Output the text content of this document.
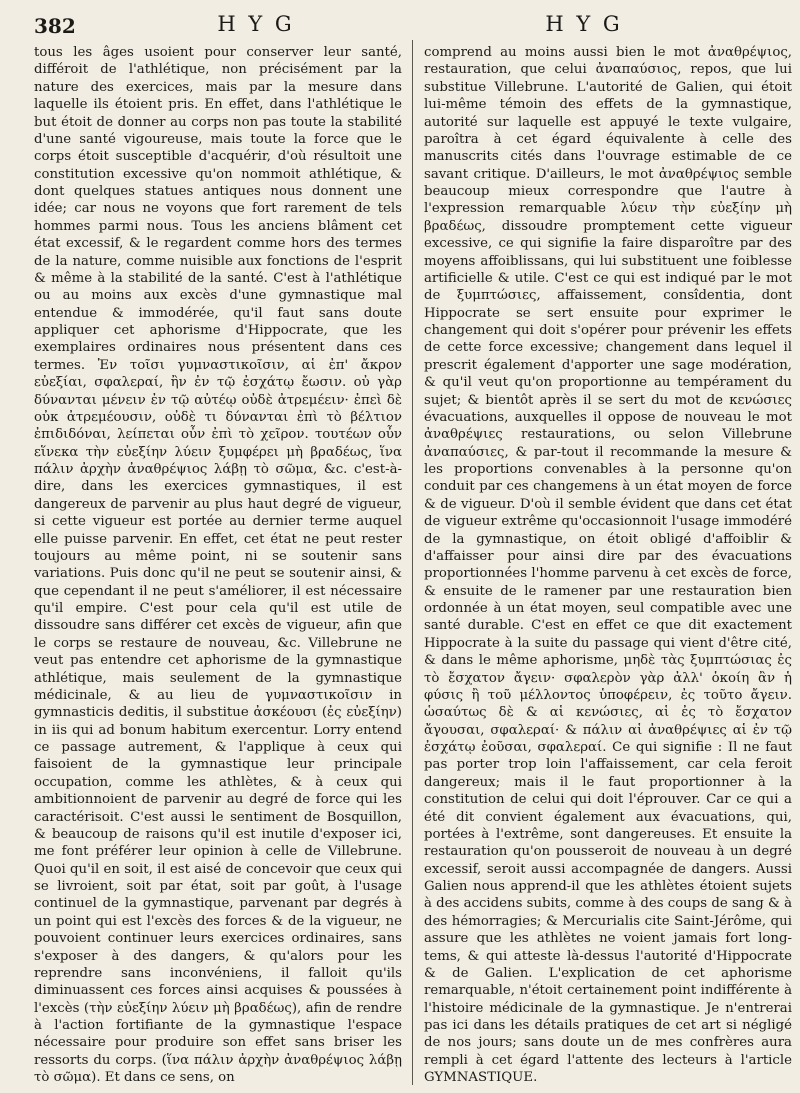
382	H Y G	H Y G

tous les âges usoient pour conserver leur santé, différoit de l'athlétique, non précisément par la nature des exercices, mais par la mesure dans laquelle ils étoient pris. En effet, dans l'athlétique le but étoit de donner au corps non pas toute la stabilité d'une santé vigoureuse, mais toute la force que le corps étoit susceptible d'acquérir, d'où résultoit une constitution excessive qu'on nommoit athlétique, & dont quelques statues antiques nous donnent une idée; car nous ne voyons que fort rarement de tels hommes parmi nous. Tous les anciens blâment cet état excessif, & le regardent comme hors des termes de la nature, comme nuisible aux fonctions de l'esprit & même à la stabilité de la santé. C'est à l'athlétique ou au moins aux excès d'une gymnastique mal entendue & immodérée, qu'il faut sans doute appliquer cet aphorisme d'Hippocrate, que les exemplaires ordinaires nous présentent dans ces termes. Ἐν τοῖσι γυμναστικοῖσιν, αἱ ἐπ' ἄκρον εὐεξίαι, σφαλεραί, ἢν ἐν τῷ ἐσχάτῳ ἔωσιν. οὐ γὰρ δύνανται μένειν ἐν τῷ αὐτέῳ οὐδὲ ἀτρεμέειν· ἐπεὶ δὲ οὐκ ἀτρεμέουσιν, οὐδὲ τι δύνανται ἐπὶ τὸ βέλτιον ἐπιδιδόναι, λείπεται οὖν ἐπὶ τὸ χεῖρον. τουτέων οὖν εἵνεκα τὴν εὐεξίην λύειν ξυμφέρει μὴ βραδέως, ἵνα πάλιν ἀρχὴν ἀναθρέψιος λάβῃ τὸ σῶμα, &c. c'est-à-dire, dans les exercices gymnastiques, il est dangereux de parvenir au plus haut degré de vigueur, si cette vigueur est portée au dernier terme auquel elle puisse parvenir. En effet, cet état ne peut rester toujours au même point, ni se soutenir sans variations. Puis donc qu'il ne peut se soutenir ainsi, & que cependant il ne peut s'améliorer, il est nécessaire qu'il empire. C'est pour cela qu'il est utile de dissoudre sans différer cet excès de vigueur, afin que le corps se restaure de nouveau, &c. Villebrune ne veut pas entendre cet aphorisme de la gymnastique athlétique, mais seulement de la gymnastique médicinale, & au lieu de γυμναστικοῖσιν in gymnasticis deditis, il substitue ἀσκέουσι (ἐς εὐεξίην) in iis qui ad bonum habitum exercentur. Lorry entend ce passage autrement, & l'applique à ceux qui faisoient de la gymnastique leur principale occupation, comme les athlètes, & à ceux qui ambitionnoient de parvenir au degré de force qui les caractérisoit. C'est aussi le sentiment de Bosquillon, & beaucoup de raisons qu'il est inutile d'exposer ici, me font préférer leur opinion à celle de Villebrune. Quoi qu'il en soit, il est aisé de concevoir que ceux qui se livroient, soit par état, soit par goût, à l'usage continuel de la gymnastique, parvenant par degrés à un point qui est l'excès des forces & de la vigueur, ne pouvoient continuer leurs exercices ordinaires, sans s'exposer à des dangers, & qu'alors pour les reprendre sans inconvéniens, il falloit qu'ils diminuassent ces forces ainsi acquises & poussées à l'excès (τὴν εὐεξίην λύειν μὴ βραδέως), afin de rendre à l'action fortifiante de la gymnastique l'espace nécessaire pour produire son effet sans briser les ressorts du corps. (ἵνα πάλιν ἀρχὴν ἀναθρέψιος λάβῃ τὸ σῶμα). Et dans ce sens, on

comprend au moins aussi bien le mot ἀναθρέψιος, restauration, que celui ἀναπαύσιος, repos, que lui substitue Villebrune. L'autorité de Galien, qui étoit lui-même témoin des effets de la gymnastique, autorité sur laquelle est appuyé le texte vulgaire, paroîtra à cet égard équivalente à celle des manuscrits cités dans l'ouvrage estimable de ce savant critique. D'ailleurs, le mot ἀναθρέψιος semble beaucoup mieux correspondre que l'autre à l'expression remarquable λύειν τὴν εὐεξίην μὴ βραδέως, dissoudre promptement cette vigueur excessive, ce qui signifie la faire disparoître par des moyens affoiblissans, qui lui substituent une foiblesse artificielle & utile. C'est ce qui est indiqué par le mot de ξυμπτώσιες, affaissement, consîdentia, dont Hippocrate se sert ensuite pour exprimer le changement qui doit s'opérer pour prévenir les effets de cette force excessive; changement dans lequel il prescrit également d'apporter une sage modération, & qu'il veut qu'on proportionne au tempérament du sujet; & bientôt après il se sert du mot de κενώσιες évacuations, auxquelles il oppose de nouveau le mot ἀναθρέψιες restaurations, ou selon Villebrune ἀναπαύσιες, & par-tout il recommande la mesure & les proportions convenables à la personne qu'on conduit par ces changemens à un état moyen de force & de vigueur. D'où il semble évident que dans cet état de vigueur extrême qu'occasionnoit l'usage immodéré de la gymnastique, on étoit obligé d'affoiblir & d'affaisser pour ainsi dire par des évacuations proportionnées l'homme parvenu à cet excès de force, & ensuite de le ramener par une restauration bien ordonnée à un état moyen, seul compatible avec une santé durable. C'est en effet ce que dit exactement Hippocrate à la suite du passage qui vient d'être cité, & dans le même aphorisme, μηδὲ τὰς ξυμπτώσιας ἐς τὸ ἔσχατον ἄγειν· σφαλερὸν γὰρ ἀλλ' ὁκοίη ἂν ἡ φύσις ἢ τοῦ μέλλοντος ὑποφέρειν, ἐς τοῦτο ἄγειν. ὡσαύτως δὲ & αἱ κενώσιες, αἱ ἐς τὸ ἔσχατον ἄγουσαι, σφαλεραί· & πάλιν αἱ ἀναθρέψιες αἱ ἐν τῷ ἐσχάτῳ ἐοῦσαι, σφαλεραί. Ce qui signifie : Il ne faut pas porter trop loin l'affaissement, car cela feroit dangereux; mais il le faut proportionner à la constitution de celui qui doit l'éprouver. Car ce qui a été dit convient également aux évacuations, qui, portées à l'extrême, sont dangereuses. Et ensuite la restauration qu'on pousseroit de nouveau à un degré excessif, seroit aussi accompagnée de dangers. Aussi Galien nous apprend-il que les athlètes étoient sujets à des accidens subits, comme à des coups de sang & à des hémorragies; & Mercurialis cite Saint-Jérôme, qui assure que les athlètes ne voient jamais fort long-tems, & qui atteste là-dessus l'autorité d'Hippocrate & de Galien. L'explication de cet aphorisme remarquable, n'étoit certainement point indifférente à l'histoire médicinale de la gymnastique. Je n'entrerai pas ici dans les détails pratiques de cet art si négligé de nos jours; sans doute un de mes confrères aura rempli à cet égard l'attente des lecteurs à l'article GYMNASTIQUE.
